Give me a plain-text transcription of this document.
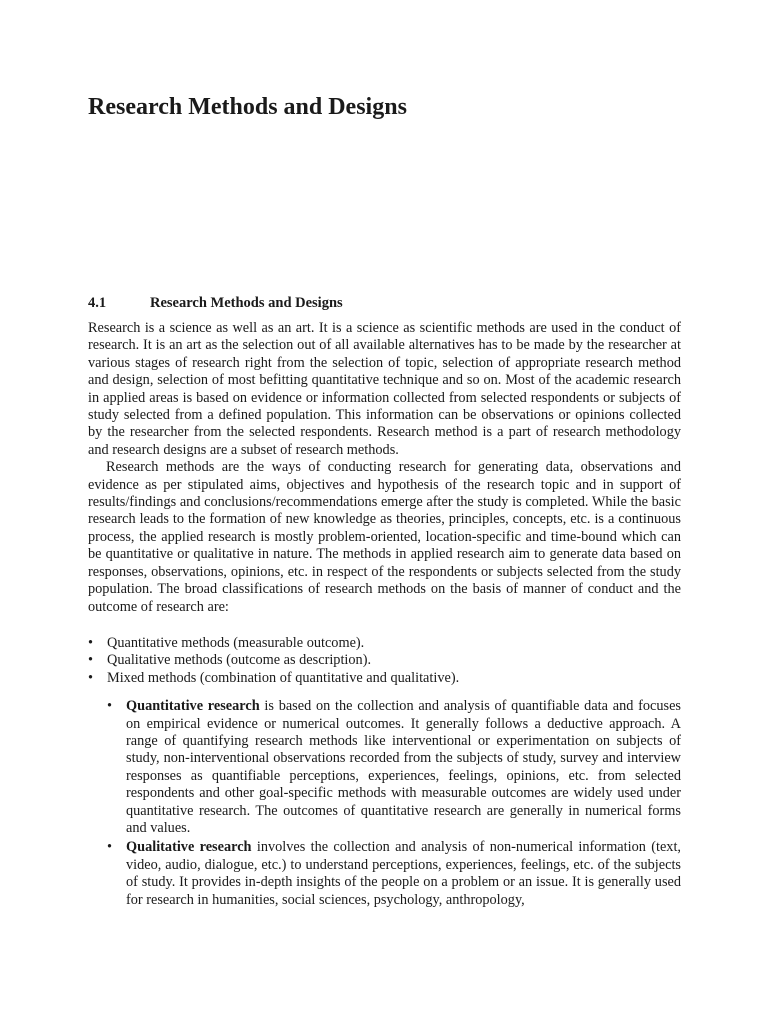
Research Methods and Designs
4.1	Research Methods and Designs

Research is a science as well as an art. It is a science as scientific methods are used in the conduct of research. It is an art as the selection out of all available alternatives has to be made by the researcher at various stages of research right from the selection of topic, selection of appropriate research method and design, selection of most befitting quantitative technique and so on. Most of the academic research in applied areas is based on evidence or information collected from selected respondents or subjects of study selected from a defined population. This information can be observations or opinions collected by the researcher from the selected respondents. Research method is a part of research methodology and research designs are a subset of research methods.

Research methods are the ways of conducting research for generating data, observations and evidence as per stipulated aims, objectives and hypothesis of the research topic and in support of results/findings and conclusions/recommendations emerge after the study is completed. While the basic research leads to the formation of new knowledge as theories, principles, concepts, etc. is a continuous process, the applied research is mostly problem-oriented, location-specific and time-bound which can be quantitative or qualitative in nature. The methods in applied research aim to generate data based on responses, observations, opinions, etc. in respect of the respondents or subjects selected from the study population. The broad classifications of research methods on the basis of manner of conduct and the outcome of research are:

• Quantitative methods (measurable outcome).
• Qualitative methods (outcome as description).
• Mixed methods (combination of quantitative and qualitative).
• Quantitative research is based on the collection and analysis of quantifiable data and focuses on empirical evidence or numerical outcomes. It generally follows a deductive approach. A range of quantifying research methods like interventional or experimentation on subjects of study, non-interventional observations recorded from the subjects of study, survey and interview responses as quantifiable perceptions, experiences, feelings, opinions, etc. from selected respondents and other goal-specific methods with measurable outcomes are widely used under quantitative research. The outcomes of quantitative research are generally in numerical forms and values.
• Qualitative research involves the collection and analysis of non-numerical information (text, video, audio, dialogue, etc.) to understand perceptions, experiences, feelings, etc. of the subjects of study. It provides in-depth insights of the people on a problem or an issue. It is generally used for research in humanities, social sciences, psychology, anthropology,
